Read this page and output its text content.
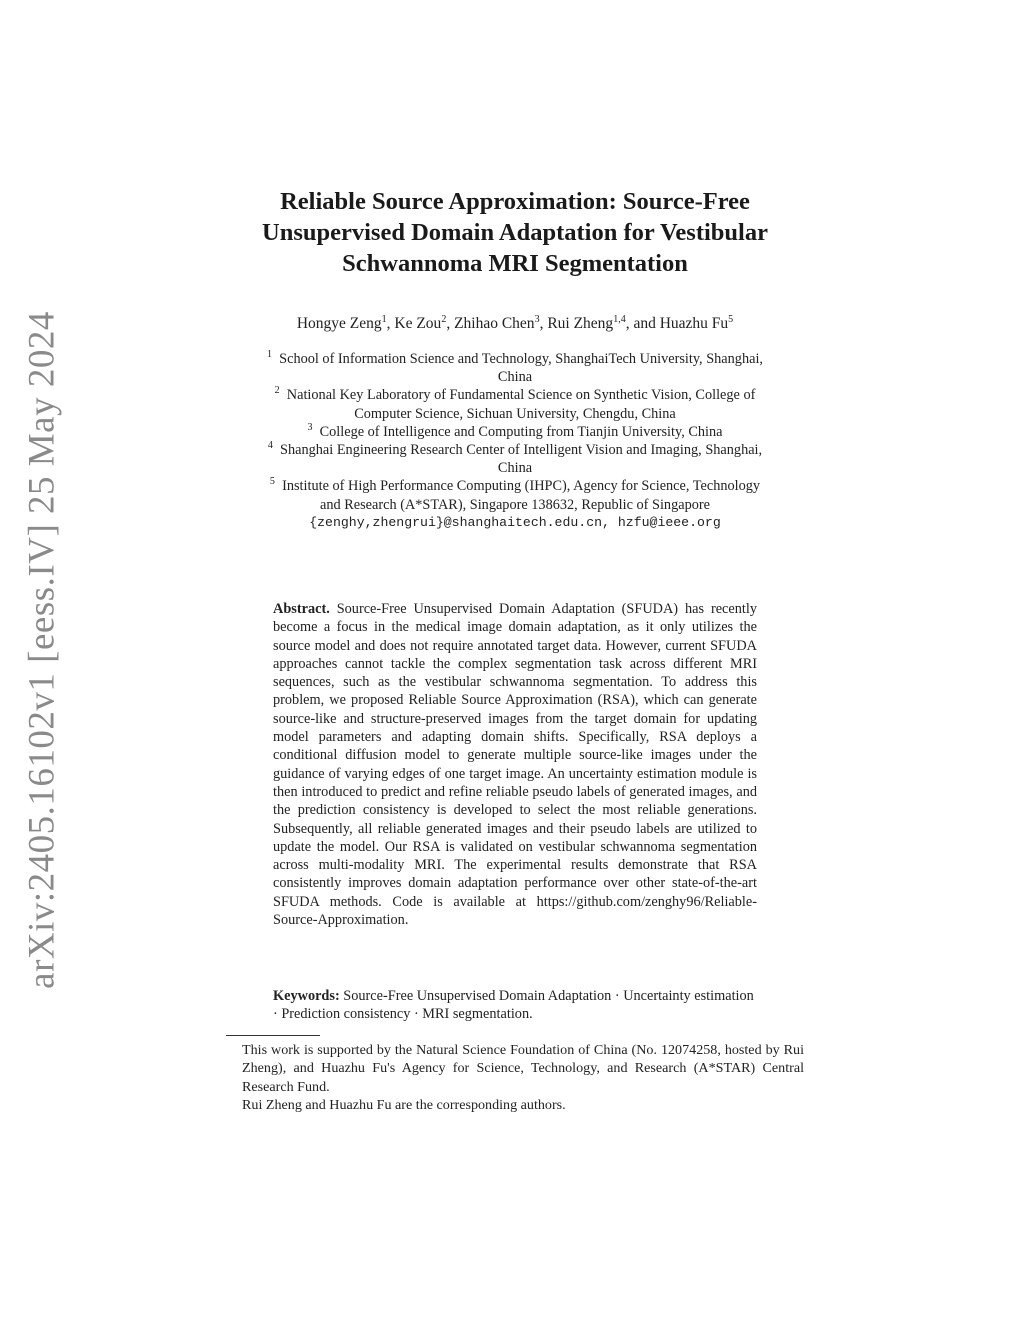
arXiv:2405.16102v1 [eess.IV] 25 May 2024
Reliable Source Approximation: Source-Free
Unsupervised Domain Adaptation for Vestibular
Schwannoma MRI Segmentation
Hongye Zeng$^1$, Ke Zou$^2$, Zhihao Chen$^3$, Rui Zheng$^{1,4}$, and Huazhu Fu$^5$

$^1$ School of Information Science and Technology, ShanghaiTech University, Shanghai,
China

$^2$ National Key Laboratory of Fundamental Science on Synthetic Vision, College of
Computer Science, Sichuan University, Chengdu, China

$^3$ College of Intelligence and Computing from Tianjin University, China

$^4$ Shanghai Engineering Research Center of Intelligent Vision and Imaging, Shanghai,
China

$^5$ Institute of High Performance Computing (IHPC), Agency for Science, Technology
and Research (A*STAR), Singapore 138632, Republic of Singapore

{zenghy,zhengrui}@shanghaitech.edu.cn, hzfu@ieee.org
Abstract. Source-Free Unsupervised Domain Adaptation (SFUDA) has recently become a focus in the medical image domain adaptation, as it only utilizes the source model and does not require annotated target data. However, current SFUDA approaches cannot tackle the complex segmentation task across different MRI sequences, such as the vestibular schwannoma segmentation. To address this problem, we proposed Reliable Source Approximation (RSA), which can generate source-like and structure-preserved images from the target domain for updating model parameters and adapting domain shifts. Specifically, RSA deploys a conditional diffusion model to generate multiple source-like images under the guidance of varying edges of one target image. An uncertainty estimation module is then introduced to predict and refine reliable pseudo labels of generated images, and the prediction consistency is developed to select the most reliable generations. Subsequently, all reliable generated images and their pseudo labels are utilized to update the model. Our RSA is validated on vestibular schwannoma segmentation across multi-modality MRI. The experimental results demonstrate that RSA consistently improves domain adaptation performance over other state-of-the-art SFUDA methods. Code is available at https://github.com/zenghy96/Reliable-Source-Approximation.
Keywords: Source-Free Unsupervised Domain Adaptation · Uncertainty estimation · Prediction consistency · MRI segmentation.

This work is supported by the Natural Science Foundation of China (No. 12074258, hosted by Rui Zheng), and Huazhu Fu's Agency for Science, Technology, and Research (A*STAR) Central Research Fund.

Rui Zheng and Huazhu Fu are the corresponding authors.
